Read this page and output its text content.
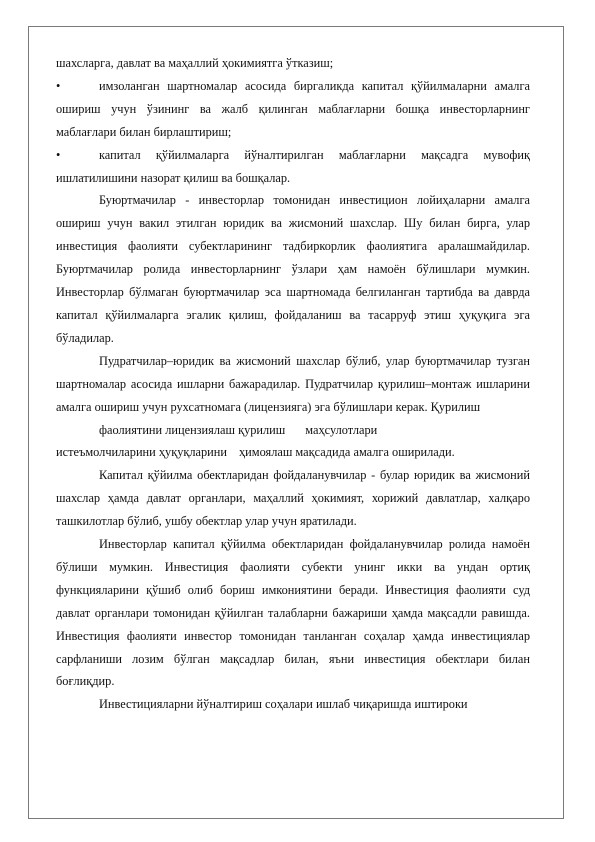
шахсларга, давлат ва маҳаллий ҳокимиятга ўтказиш;

•	имзоланган шартномалар асосида биргаликда капитал қўйилмаларни амалга ошириш учун ўзининг ва жалб қилинган маблағларни бошқа инвесторларнинг маблағлари билан бирлаштириш;

•	капитал қўйилмаларга йўналтирилган маблағларни мақсадга мувофиқ ишлатилишини назорат қилиш ва бошқалар.

Буюртмачилар - инвесторлар томонидан инвестицион лойиҳаларни амалга ошириш учун вакил этилган юридик ва жисмоний шахслар. Шу билан бирга, улар инвестиция фаолияти субектларининг тадбиркорлик фаолиятига аралашмайдилар. Буюртмачилар ролида инвесторларнинг ўзлари ҳам намоён бўлишлари мумкин. Инвесторлар бўлмаган буюртмачилар эса шартномада белгиланган тартибда ва даврда капитал қўйилмаларга эгалик қилиш, фойдаланиш ва тасарруф этиш ҳуқуқига эга бўладилар.

Пудратчилар–юридик ва жисмоний шахслар бўлиб, улар буюртмачилар тузган шартномалар асосида ишларни бажарадилар. Пудратчилар қурилиш–монтаж ишларини амалга ошириш учун рухсатномага (лицензияга) эга бўлишлари керак. Қурилиш

фаолиятини лицензиялаш қурилиш маҳсулотлари
истеъмолчиларини ҳуқуқларини ҳимоялаш мақсадида амалга оширилади.

Капитал қўйилма обектларидан фойдаланувчилар - булар юридик ва жисмоний шахслар ҳамда давлат органлари, маҳаллий ҳокимият, хорижий давлатлар, халқаро ташкилотлар бўлиб, ушбу обектлар улар учун яратилади.

Инвесторлар капитал қўйилма обектларидан фойдаланувчилар ролида намоён бўлиши мумкин. Инвестиция фаолияти субекти унинг икки ва ундан ортиқ функцияларини қўшиб олиб бориш имкониятини беради. Инвестиция фаолияти суд давлат органлари томонидан қўйилган талабларни бажариши ҳамда мақсадли равишда. Инвестиция фаолияти инвестор томонидан танланган соҳалар ҳамда инвестициялар сарфланиши лозим бўлган мақсадлар билан, яъни инвестиция обектлари билан боғлиқдир.

Инвестицияларни йўналтириш соҳалари ишлаб чиқаришда иштироки
